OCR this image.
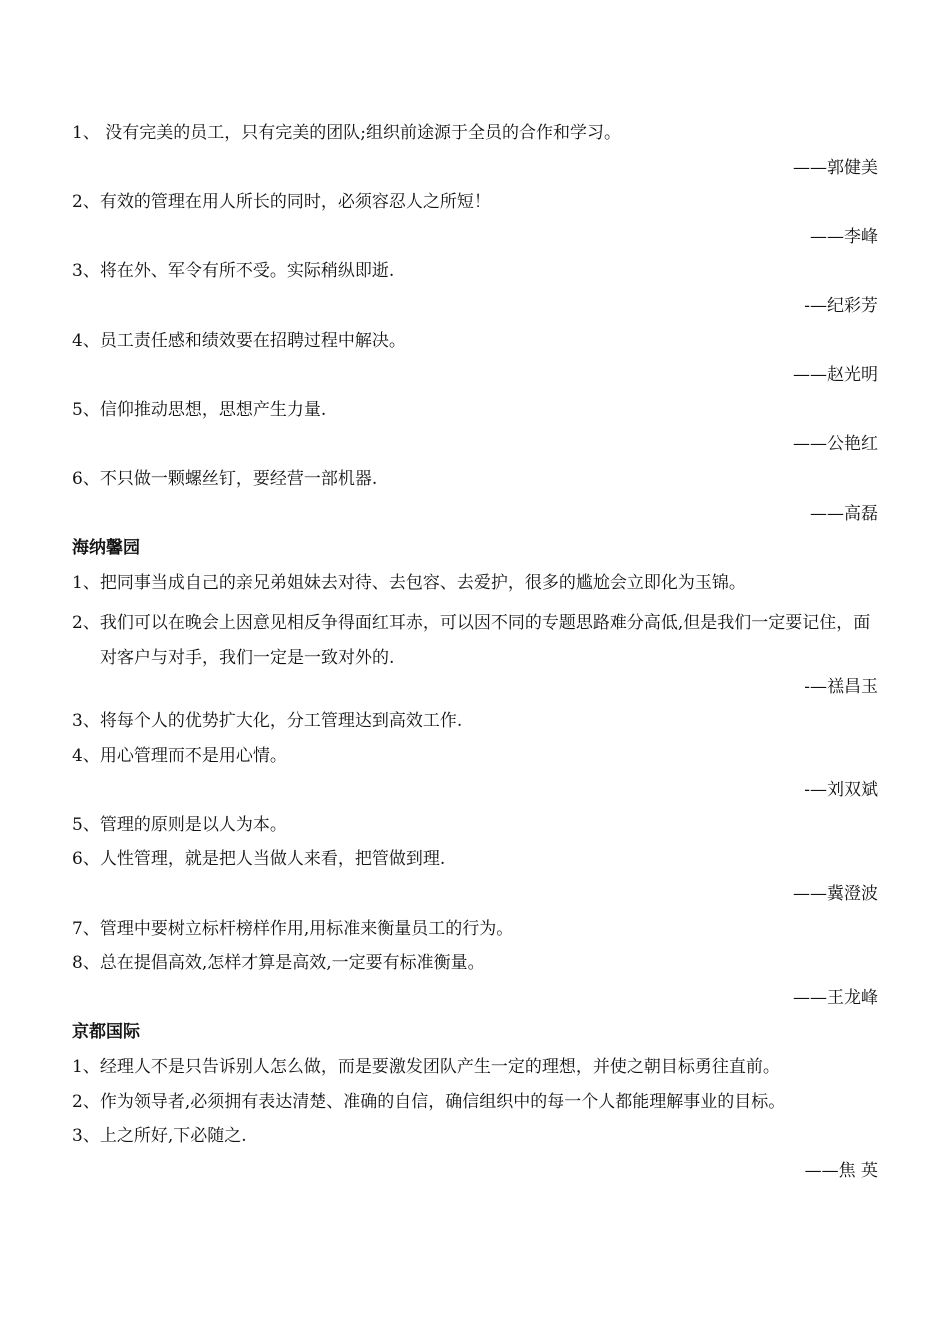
1、 没有完美的员工，只有完美的团队;组织前途源于全员的合作和学习。
——郭健美
2、有效的管理在用人所长的同时，必须容忍人之所短！
——李峰
3、将在外、军令有所不受。实际稍纵即逝.
-—纪彩芳
4、员工责任感和绩效要在招聘过程中解决。
——赵光明
5、信仰推动思想，思想产生力量.
——公艳红
6、不只做一颗螺丝钉，要经营一部机器.
——高磊
海纳馨园
1、把同事当成自己的亲兄弟姐妹去对待、去包容、去爱护，很多的尴尬会立即化为玉锦。
2、我们可以在晚会上因意见相反争得面红耳赤，可以因不同的专题思路难分高低,但是我们一定要记住，面对客户与对手，我们一定是一致对外的.
-—禚昌玉
3、将每个人的优势扩大化，分工管理达到高效工作.
4、用心管理而不是用心情。
-—刘双斌
5、管理的原则是以人为本。
6、人性管理，就是把人当做人来看，把管做到理.
——冀澄波
7、管理中要树立标杆榜样作用,用标准来衡量员工的行为。
8、总在提倡高效,怎样才算是高效,一定要有标准衡量。
——王龙峰
京都国际
1、经理人不是只告诉别人怎么做，而是要激发团队产生一定的理想，并使之朝目标勇往直前。
2、作为领导者,必须拥有表达清楚、准确的自信，确信组织中的每一个人都能理解事业的目标。
3、上之所好,下必随之.
——焦 英
